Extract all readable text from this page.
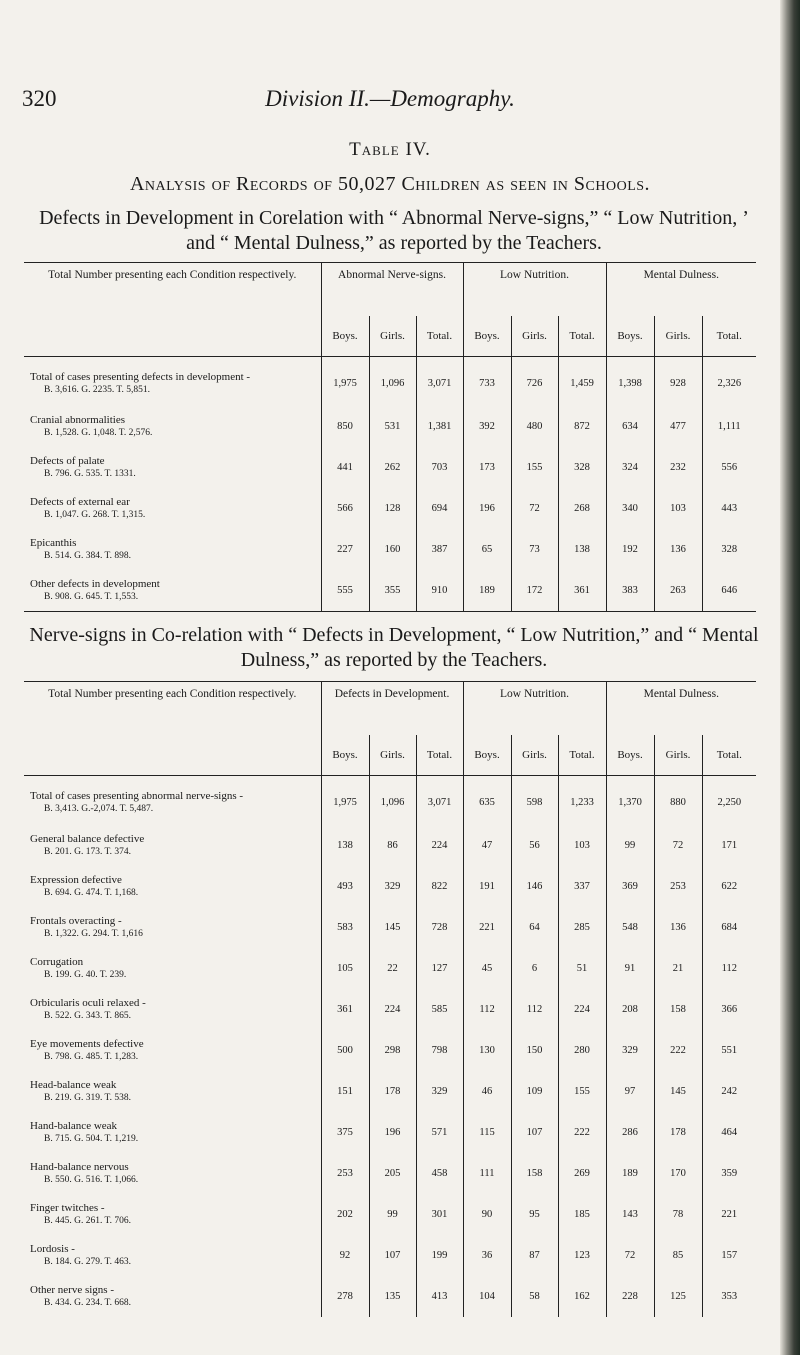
320	Division II.—Demography.
Table IV.
Analysis of Records of 50,027 Children as seen in Schools.
Defects in Development in Corelation with “ Abnormal Nerve-signs,” “ Low Nutrition, ’ and “ Mental Dulness,” as reported by the Teachers.
Total Number presenting each Condition respectively.	Abnormal Nerve-signs.			Low Nutrition.			Mental Dulness.		
	Boys.	Girls.	Total.	Boys.	Girls.	Total.	Boys.	Girls.	Total.
Total of cases presenting defects in development -
B. 3,616. G. 2235. T. 5,851.	1,975	1,096	3,071	733	726	1,459	1,398	928	2,326
Cranial abnormalities
B. 1,528. G. 1,048. T. 2,576.	850	531	1,381	392	480	872	634	477	1,111
Defects of palate
B. 796. G. 535. T. 1331.	441	262	703	173	155	328	324	232	556
Defects of external ear
B. 1,047. G. 268. T. 1,315.	566	128	694	196	72	268	340	103	443
Epicanthis
B. 514. G. 384. T. 898.	227	160	387	65	73	138	192	136	328
Other defects in development
B. 908. G. 645. T. 1,553.	555	355	910	189	172	361	383	263	646
Nerve-signs in Co-relation with “ Defects in Development, “ Low Nutrition,” and “ Mental Dulness,” as reported by the Teachers.
Total Number presenting each Condition respectively.	Defects in Development.			Low Nutrition.			Mental Dulness.		
	Boys.	Girls.	Total.	Boys.	Girls.	Total.	Boys.	Girls.	Total.
Total of cases presenting abnormal nerve-signs -
B. 3,413. G.-2,074. T. 5,487.	1,975	1,096	3,071	635	598	1,233	1,370	880	2,250
General balance defective
B. 201. G. 173. T. 374.	138	86	224	47	56	103	99	72	171
Expression defective
B. 694. G. 474. T. 1,168.	493	329	822	191	146	337	369	253	622
Frontals overacting -
B. 1,322. G. 294. T. 1,616	583	145	728	221	64	285	548	136	684
Corrugation
B. 199. G. 40. T. 239.	105	22	127	45	6	51	91	21	112
Orbicularis oculi relaxed -
B. 522. G. 343. T. 865.	361	224	585	112	112	224	208	158	366
Eye movements defective
B. 798. G. 485. T. 1,283.	500	298	798	130	150	280	329	222	551
Head-balance weak
B. 219. G. 319. T. 538.	151	178	329	46	109	155	97	145	242
Hand-balance weak
B. 715. G. 504. T. 1,219.	375	196	571	115	107	222	286	178	464
Hand-balance nervous
B. 550. G. 516. T. 1,066.	253	205	458	111	158	269	189	170	359
Finger twitches -
B. 445. G. 261. T. 706.	202	99	301	90	95	185	143	78	221
Lordosis -
B. 184. G. 279. T. 463.	92	107	199	36	87	123	72	85	157
Other nerve signs -
B. 434. G. 234. T. 668.	278	135	413	104	58	162	228	125	353
